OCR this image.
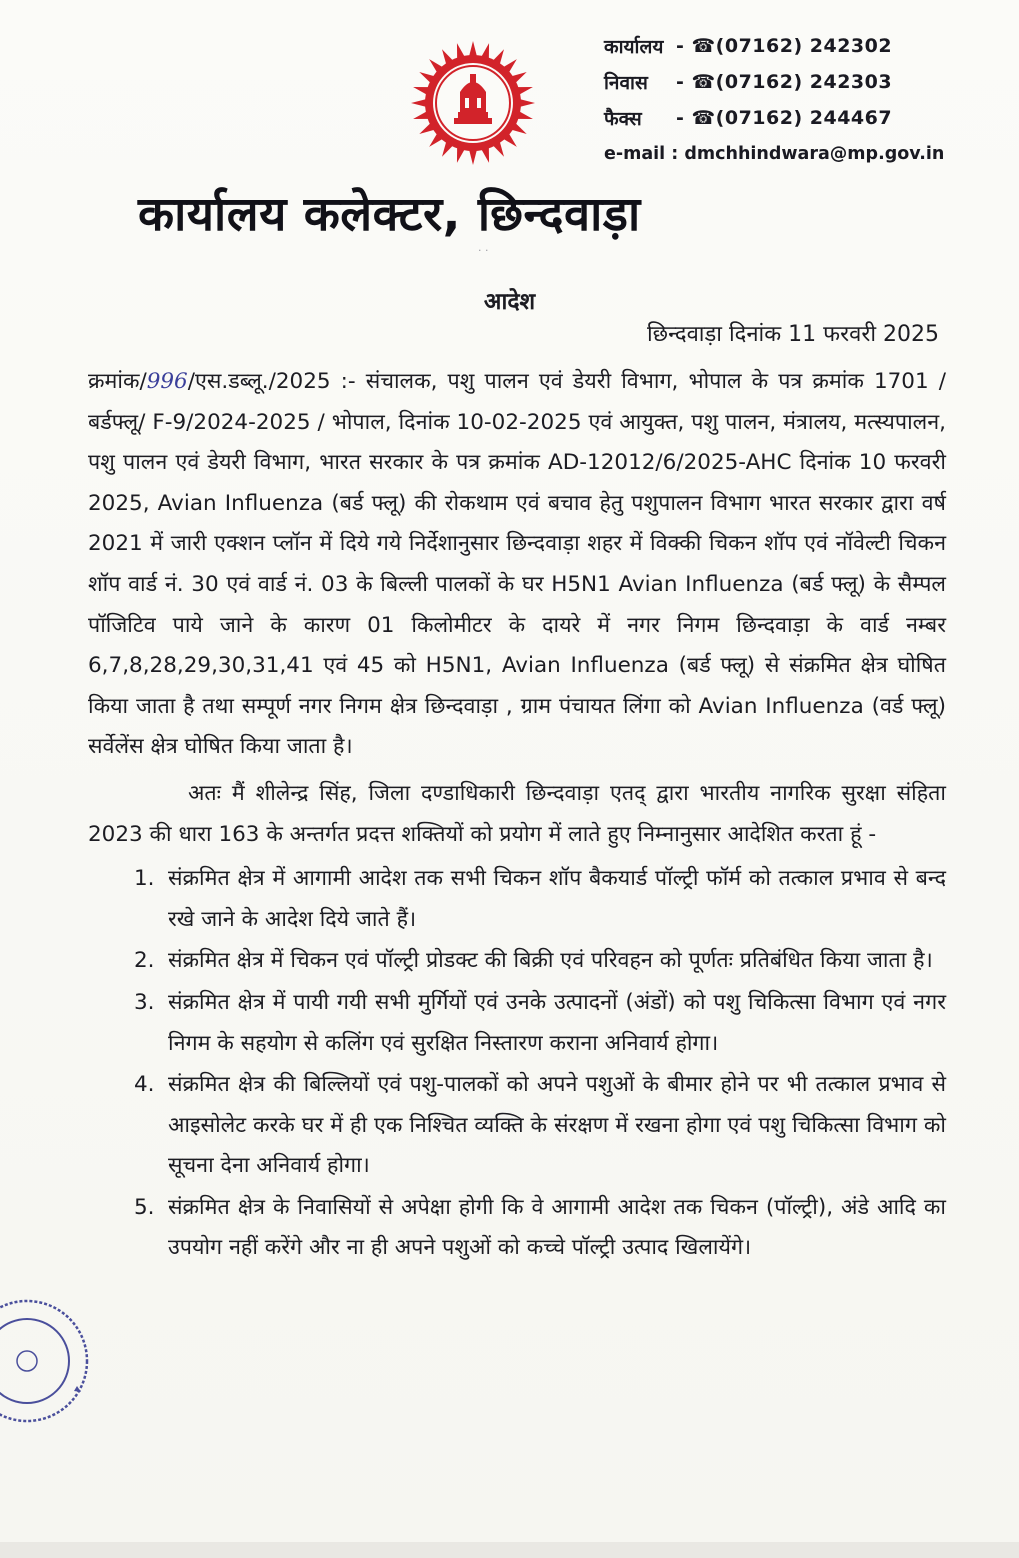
कार्यालय - ☎(07162) 242302
निवास	- ☎(07162) 242303
फैक्स	- ☎(07162) 244467
e-mail : dmchhindwara@mp.gov.in
कार्यालय कलेक्टर, छिन्दवाड़ा
· ·
आदेश
छिन्दवाड़ा दिनांक 11 फरवरी 2025

क्रमांक/996/एस.डब्लू./2025 :- संचालक, पशु पालन एवं डेयरी विभाग, भोपाल के पत्र क्रमांक 1701 /बर्डफ्लू/ F-9/2024-2025 / भोपाल, दिनांक 10-02-2025 एवं आयुक्त, पशु पालन, मंत्रालय, मत्स्यपालन, पशु पालन एवं डेयरी विभाग, भारत सरकार के पत्र क्रमांक AD-12012/6/2025-AHC दिनांक 10 फरवरी 2025, Avian Influenza (बर्ड फ्लू) की रोकथाम एवं बचाव हेतु पशुपालन विभाग भारत सरकार द्वारा वर्ष 2021 में जारी एक्शन प्लॉन में दिये गये निर्देशानुसार छिन्दवाड़ा शहर में विक्की चिकन शॉप एवं नॉवेल्टी चिकन शॉप वार्ड नं. 30 एवं वार्ड नं. 03 के बिल्ली पालकों के घर H5N1 Avian Influenza (बर्ड फ्लू) के सैम्पल पॉजिटिव पाये जाने के कारण 01 किलोमीटर के दायरे में नगर निगम छिन्दवाड़ा के वार्ड नम्बर 6,7,8,28,29,30,31,41 एवं 45 को H5N1, Avian Influenza (बर्ड फ्लू) से संक्रमित क्षेत्र घोषित किया जाता है तथा सम्पूर्ण नगर निगम क्षेत्र छिन्दवाड़ा , ग्राम पंचायत लिंगा को Avian Influenza (वर्ड फ्लू) सर्वेलेंस क्षेत्र घोषित किया जाता है।

अतः मैं शीलेन्द्र सिंह, जिला दण्डाधिकारी छिन्दवाड़ा एतद् द्वारा भारतीय नागरिक सुरक्षा संहिता 2023 की धारा 163 के अन्तर्गत प्रदत्त शक्तियों को प्रयोग में लाते हुए निम्नानुसार आदेशित करता हूं -

1. संक्रमित क्षेत्र में आगामी आदेश तक सभी चिकन शॉप बैकयार्ड पॉल्ट्री फॉर्म को तत्काल प्रभाव से बन्द रखे जाने के आदेश दिये जाते हैं।
2. संक्रमित क्षेत्र में चिकन एवं पॉल्ट्री प्रोडक्ट की बिक्री एवं परिवहन को पूर्णतः प्रतिबंधित किया जाता है।
3. संक्रमित क्षेत्र में पायी गयी सभी मुर्गियों एवं उनके उत्पादनों (अंडों) को पशु चिकित्सा विभाग एवं नगर निगम के सहयोग से कलिंग एवं सुरक्षित निस्तारण कराना अनिवार्य होगा।
4. संक्रमित क्षेत्र की बिल्लियों एवं पशु-पालकों को अपने पशुओं के बीमार होने पर भी तत्काल प्रभाव से आइसोलेट करके घर में ही एक निश्चित व्यक्ति के संरक्षण में रखना होगा एवं पशु चिकित्सा विभाग को सूचना देना अनिवार्य होगा।
5. संक्रमित क्षेत्र के निवासियों से अपेक्षा होगी कि वे आगामी आदेश तक चिकन (पॉल्ट्री), अंडे आदि का उपयोग नहीं करेंगे और ना ही अपने पशुओं को कच्चे पॉल्ट्री उत्पाद खिलायेंगे।
